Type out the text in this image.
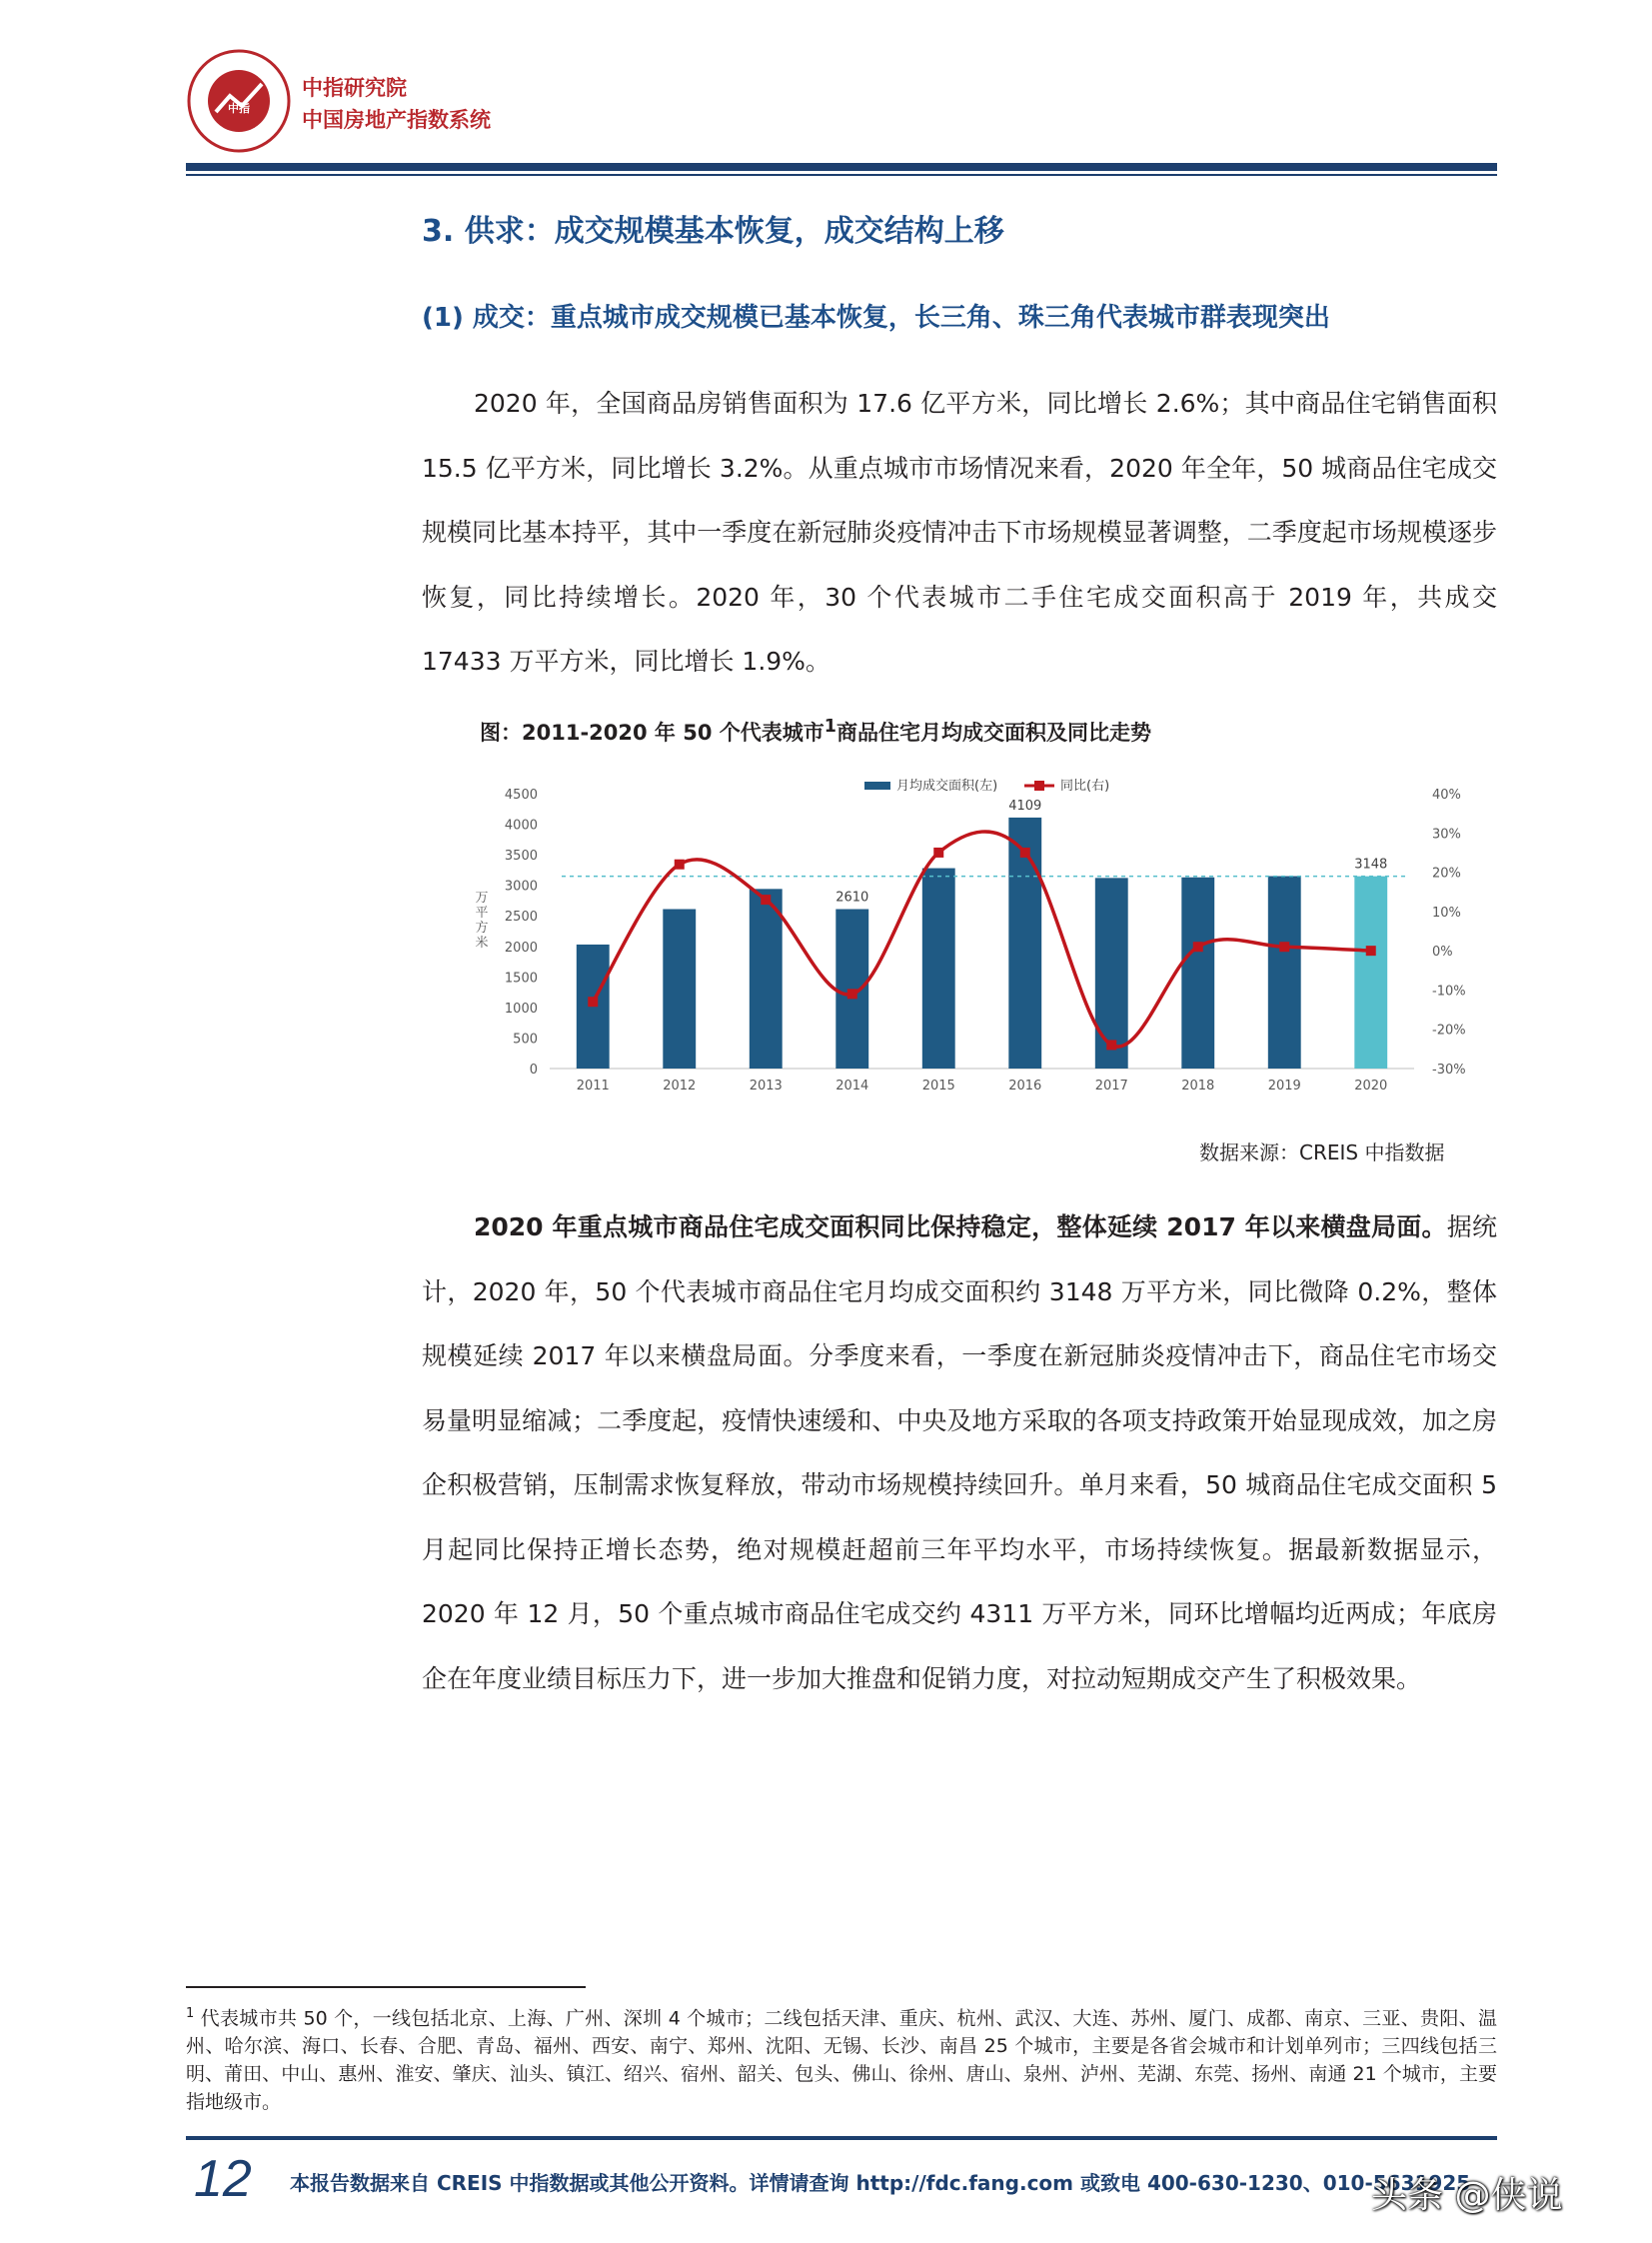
中指
中指研究院
中国房地产指数系统
3. 供求：成交规模基本恢复，成交结构上移
(1) 成交：重点城市成交规模已基本恢复，长三角、珠三角代表城市群表现突出

2020 年，全国商品房销售面积为 17.6 亿平方米，同比增长 2.6%；其中商品住宅销售面积 15.5 亿平方米，同比增长 3.2%。从重点城市市场情况来看，2020 年全年，50 城商品住宅成交规模同比基本持平，其中一季度在新冠肺炎疫情冲击下市场规模显著调整，二季度起市场规模逐步恢复，同比持续增长。2020 年，30 个代表城市二手住宅成交面积高于 2019 年，共成交 17433 万平方米，同比增长 1.9%。

图：2011-2020 年 50 个代表城市$^1$商品住宅月均成交面积及同比走势
0
500
1000
1500
2000
2500
3000
3500
4000
4500
-30%
-20%
-10%
0%
10%
20%
30%
40%
万
平
方
米
2011	2012	2013	2014	2015	2016	2017	2018	2019	2020
2610
4109
3148
月均成交面积(左)	同比(右)
数据来源：CREIS 中指数据

2020 年重点城市商品住宅成交面积同比保持稳定，整体延续 2017 年以来横盘局面。据统计，2020 年，50 个代表城市商品住宅月均成交面积约 3148 万平方米，同比微降 0.2%，整体规模延续 2017 年以来横盘局面。分季度来看，一季度在新冠肺炎疫情冲击下，商品住宅市场交易量明显缩减；二季度起，疫情快速缓和、中央及地方采取的各项支持政策开始显现成效，加之房企积极营销，压制需求恢复释放，带动市场规模持续回升。单月来看，50 城商品住宅成交面积 5 月起同比保持正增长态势，绝对规模赶超前三年平均水平，市场持续恢复。据最新数据显示，2020 年 12 月，50 个重点城市商品住宅成交约 4311 万平方米，同环比增幅均近两成；年底房企在年度业绩目标压力下，进一步加大推盘和促销力度，对拉动短期成交产生了积极效果。

$^1$ 代表城市共 50 个，一线包括北京、上海、广州、深圳 4 个城市；二线包括天津、重庆、杭州、武汉、大连、苏州、厦门、成都、南京、三亚、贵阳、温州、哈尔滨、海口、长春、合肥、青岛、福州、西安、南宁、郑州、沈阳、无锡、长沙、南昌 25 个城市，主要是各省会城市和计划单列市；三四线包括三明、莆田、中山、惠州、淮安、肇庆、汕头、镇江、绍兴、宿州、韶关、包头、佛山、徐州、唐山、泉州、泸州、芜湖、东莞、扬州、南通 21 个城市，主要指地级市。
12 本报告数据来自 CREIS 中指数据或其他公开资料。详情请查询 http://fdc.fang.com 或致电 400-630-1230、010-5631925
头条 @侠说
